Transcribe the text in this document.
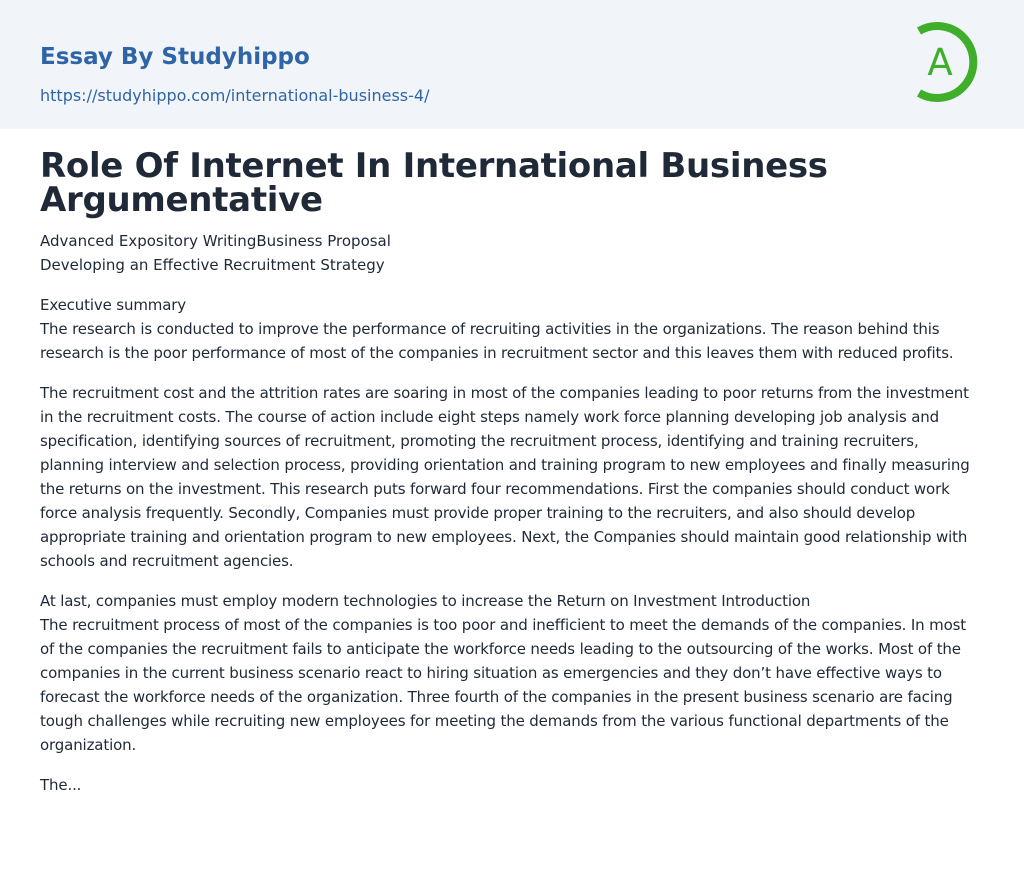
Essay By Studyhippo
https://studyhippo.com/international-business-4/
A
Role Of Internet In International Business Argumentative
Advanced Expository WritingBusiness Proposal
Developing an Effective Recruitment Strategy

Executive summary
The research is conducted to improve the performance of recruiting activities in the organizations. The reason behind this research is the poor performance of most of the companies in recruitment sector and this leaves them with reduced profits.

The recruitment cost and the attrition rates are soaring in most of the companies leading to poor returns from the investment in the recruitment costs. The course of action include eight steps namely work force planning developing job analysis and specification, identifying sources of recruitment, promoting the recruitment process, identifying and training recruiters, planning interview and selection process, providing orientation and training program to new employees and finally measuring the returns on the investment. This research puts forward four recommendations. First the companies should conduct work force analysis frequently. Secondly, Companies must provide proper training to the recruiters, and also should develop appropriate training and orientation program to new employees. Next, the Companies should maintain good relationship with schools and recruitment agencies.

At last, companies must employ modern technologies to increase the Return on Investment Introduction
The recruitment process of most of the companies is too poor and inefficient to meet the demands of the companies. In most of the companies the recruitment fails to anticipate the workforce needs leading to the outsourcing of the works. Most of the companies in the current business scenario react to hiring situation as emergencies and they don’t have effective ways to forecast the workforce needs of the organization. Three fourth of the companies in the present business scenario are facing tough challenges while recruiting new employees for meeting the demands from the various functional departments of the organization.

The...
